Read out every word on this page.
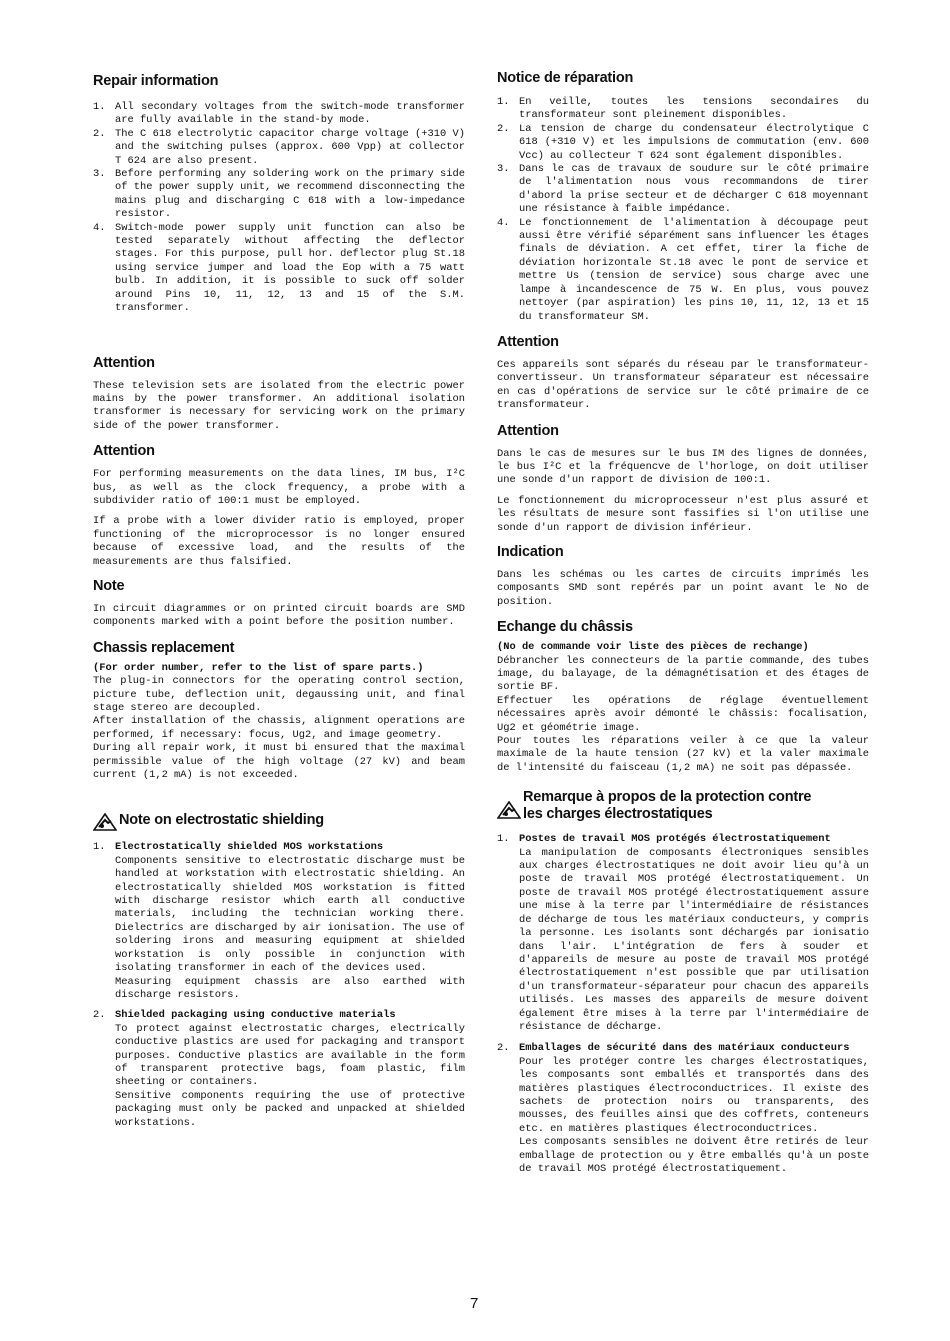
Repair information
1. All secondary voltages from the switch-mode transformer are fully available in the stand-by mode.

2. The C 618 electrolytic capacitor charge voltage (+310 V) and the switching pulses (approx. 600 Vpp) at collector T 624 are also present.

3. Before performing any soldering work on the primary side of the power supply unit, we recommend disconnecting the mains plug and discharging C 618 with a low-impedance resistor.

4. Switch-mode power supply unit function can also be tested separately without affecting the deflector stages. For this purpose, pull hor. deflector plug St.18 using service jumper and load the Eop with a 75 watt bulb. In addition, it is possible to suck off solder around Pins 10, 11, 12, 13 and 15 of the S.M. transformer.

Attention

These television sets are isolated from the electric power mains by the power transformer. An additional isolation transformer is necessary for servicing work on the primary side of the power transformer.

Attention

For performing measurements on the data lines, IM bus, I²C bus, as well as the clock frequency, a probe with a subdivider ratio of 100:1 must be employed.

If a probe with a lower divider ratio is employed, proper functioning of the microprocessor is no longer ensured because of excessive load, and the results of the measurements are thus falsified.

Note

In circuit diagrammes or on printed circuit boards are SMD components marked with a point before the position number.

Chassis replacement

(For order number, refer to the list of spare parts.)

The plug-in connectors for the operating control section, picture tube, deflection unit, degaussing unit, and final stage stereo are decoupled.

After installation of the chassis, alignment operations are performed, if necessary: focus, Ug2, and image geometry.

During all repair work, it must bi ensured that the maximal permissible value of the high voltage (27 kV) and beam current (1,2 mA) is not exceeded.

Note on electrostatic shielding
1. Electrostatically shielded MOS workstations

Components sensitive to electrostatic discharge must be handled at workstation with electrostatic shielding. An electrostatically shielded MOS workstation is fitted with discharge resistor which earth all conductive materials, including the technician working there. Dielectrics are discharged by air ionisation. The use of soldering irons and measuring equipment at shielded workstation is only possible in conjunction with isolating transformer in each of the devices used.

Measuring equipment chassis are also earthed with discharge resistors.

2. Shielded packaging using conductive materials

To protect against electrostatic charges, electrically conductive plastics are used for packaging and transport purposes. Conductive plastics are available in the form of transparent protective bags, foam plastic, film sheeting or containers.

Sensitive components requiring the use of protective packaging must only be packed and unpacked at shielded workstations.

Notice de réparation
1. En veille, toutes les tensions secondaires du transformateur sont pleinement disponibles.

2. La tension de charge du condensateur électrolytique C 618 (+310 V) et les impulsions de commutation (env. 600 Vcc) au collecteur T 624 sont également disponibles.

3. Dans le cas de travaux de soudure sur le côté primaire de l'alimentation nous vous recommandons de tirer d'abord la prise secteur et de décharger C 618 moyennant une résistance à faible impédance.

4. Le fonctionnement de l'alimentation à découpage peut aussi être vérifié séparément sans influencer les étages finals de déviation. A cet effet, tirer la fiche de déviation horizontale St.18 avec le pont de service et mettre Us (tension de service) sous charge avec une lampe à incandescence de 75 W. En plus, vous pouvez nettoyer (par aspiration) les pins 10, 11, 12, 13 et 15 du transformateur SM.

Attention

Ces appareils sont séparés du réseau par le transformateur-convertisseur. Un transformateur séparateur est nécessaire en cas d'opérations de service sur le côté primaire de ce transformateur.

Attention

Dans le cas de mesures sur le bus IM des lignes de données, le bus I²C et la fréquencve de l'horloge, on doit utiliser une sonde d'un rapport de division de 100:1.

Le fonctionnement du microprocesseur n'est plus assuré et les résultats de mesure sont fassifies si l'on utilise une sonde d'un rapport de division inférieur.

Indication

Dans les schémas ou les cartes de circuits imprimés les composants SMD sont repérés par un point avant le No de position.

Echange du châssis

(No de commande voir liste des pièces de rechange)

Débrancher les connecteurs de la partie commande, des tubes image, du balayage, de la démagnétisation et des étages de sortie BF.

Effectuer les opérations de réglage éventuellement nécessaires après avoir démonté le châssis: focalisation, Ug2 et géométrie image.

Pour toutes les réparations veiler à ce que la valeur maximale de la haute tension (27 kV) et la valer maximale de l'intensité du faisceau (1,2 mA) ne soit pas dépassée.

Remarque à propos de la protection contre
les charges électrostatiques
1. Postes de travail MOS protégés électrostatiquement

La manipulation de composants électroniques sensibles aux charges électrostatiques ne doit avoir lieu qu'à un poste de travail MOS protégé électrostatiquement. Un poste de travail MOS protégé électrostatiquement assure une mise à la terre par l'intermédiaire de résistances de décharge de tous les matériaux conducteurs, y compris la personne. Les isolants sont déchargés par ionisatio dans l'air. L'intégration de fers à souder et d'appareils de mesure au poste de travail MOS protégé électrostatiquement n'est possible que par utilisation d'un transformateur-séparateur pour chacun des appareils utilisés. Les masses des appareils de mesure doivent également être mises à la terre par l'intermédiaire de résistance de décharge.

2. Emballages de sécurité dans des matériaux conducteurs

Pour les protéger contre les charges électrostatiques, les composants sont emballés et transportés dans des matières plastiques électroconductrices. Il existe des sachets de protection noirs ou transparents, des mousses, des feuilles ainsi que des coffrets, conteneurs etc. en matières plastiques électroconductrices.

Les composants sensibles ne doivent être retirés de leur emballage de protection ou y être emballés qu'à un poste de travail MOS protégé électrostatiquement.

7
